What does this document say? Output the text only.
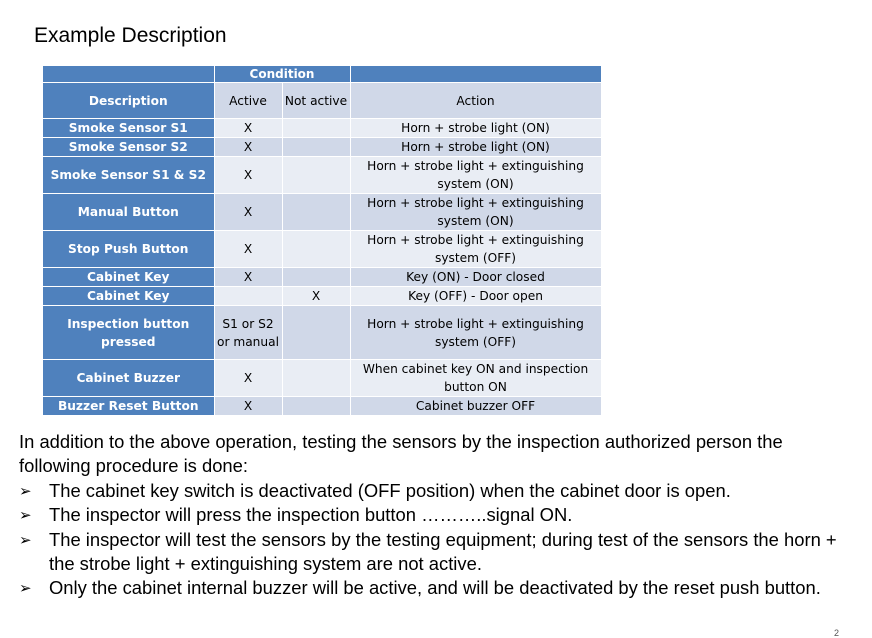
Example Description
	Condition		
Description	Active	Not active	Action
Smoke Sensor S1	X		Horn + strobe light (ON)
Smoke Sensor S2	X		Horn + strobe light (ON)
Smoke Sensor S1 & S2	X		Horn + strobe light + extinguishing system (ON)
Manual Button	X		Horn + strobe light + extinguishing system (ON)
Stop Push Button	X		Horn + strobe light + extinguishing system (OFF)
Cabinet Key	X		Key (ON) - Door closed
Cabinet Key		X	Key (OFF) - Door open
Inspection button pressed	S1 or S2 or manual		Horn + strobe light + extinguishing system (OFF)
Cabinet Buzzer	X		When cabinet key ON and inspection button ON
Buzzer Reset Button	X		Cabinet buzzer OFF
In addition to the above operation, testing the sensors by the inspection authorized person the following procedure is done:
➢ The cabinet key switch is deactivated (OFF position) when the cabinet door is open.
➢ The inspector will press the inspection button ………..signal ON.
➢ The inspector will test the sensors by the testing equipment; during test of the sensors the horn + the strobe light + extinguishing system are not active.
➢ Only the cabinet internal buzzer will be active, and will be deactivated by the reset push button.
2
